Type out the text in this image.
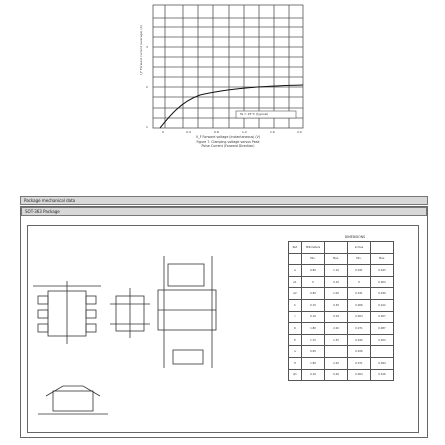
I_F Forward current (average) (A)
Ta = 25°C (typical)
3
2
1
0	0.4	0.8	1.2	1.6	2.0
V_F Forward voltage (instantaneous) (V)
Figure 7. Clamping voltage versus Peak
Pulse Current (Forward Direction)
Package mechanical data
SOT-363 Package
DIMENSIONS
Ref.	Millimeters		Inches	
	Min.	Max.	Min.	Max.
A	0.80	1.10	0.031	0.043
A1	0	0.10	0	0.004
A2	0.80	1.00	0.031	0.039
b	0.15	0.30	0.006	0.012
c	0.10	0.18	0.004	0.007
D	1.80	2.20	0.071	0.087
E	1.15	1.35	0.045	0.053
e	0.65		0.026	
H	1.80	2.40	0.071	0.094
Q1	0.10	0.40	0.004	0.016
